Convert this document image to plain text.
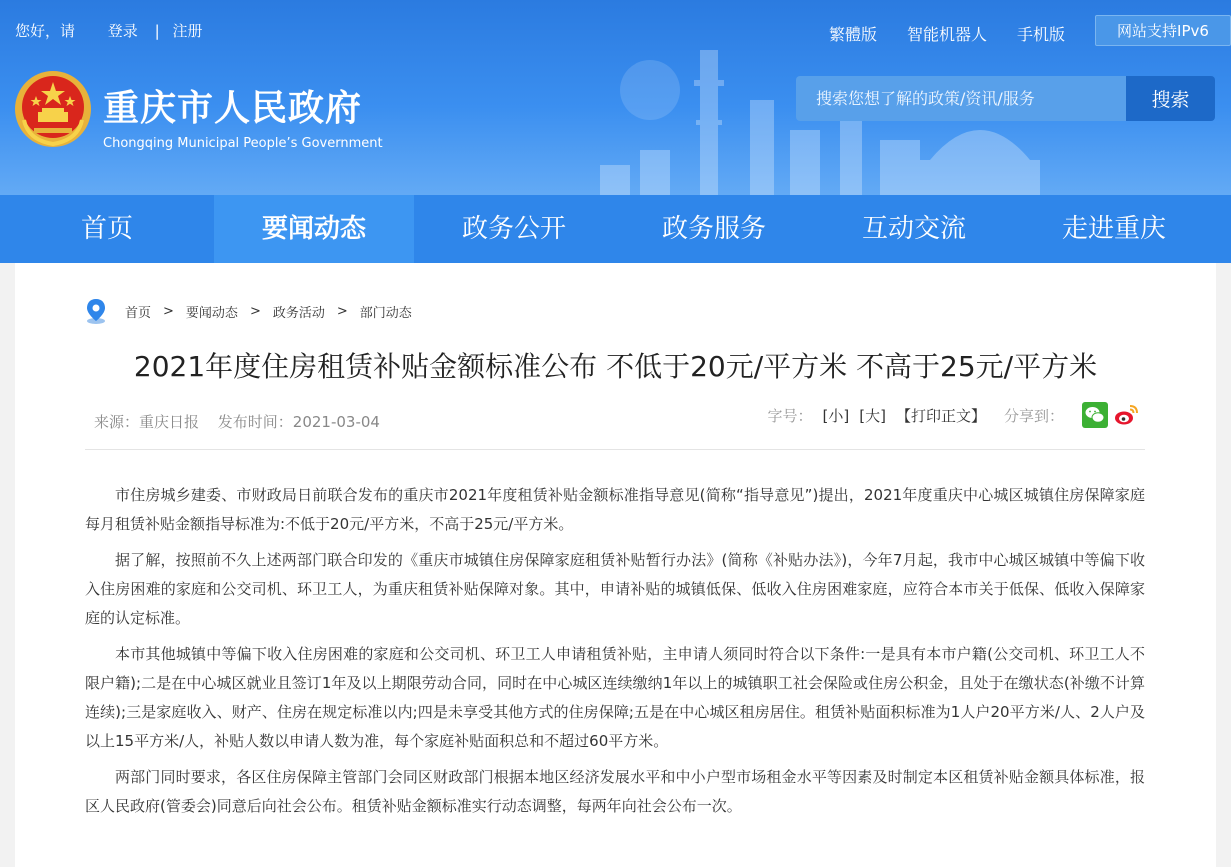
您好，请 登录 | 注册	繁體版 智能机器人 手机版	网站支持IPv6
重庆市人民政府
Chongqing Municipal People’s Government
搜索您想了解的政策/资讯/服务
搜索
首页	要闻动态	政务公开	政务服务	互动交流	走进重庆
首页 > 要闻动态 > 政务活动 > 部门动态
2021年度住房租赁补贴金额标准公布 不低于20元/平方米 不高于25元/平方米
来源：重庆日报 发布时间：2021-03-04	字号： [小] [大] 【打印正文】 分享到：

市住房城乡建委、市财政局日前联合发布的重庆市2021年度租赁补贴金额标准指导意见(简称“指导意见”)提出，2021年度重庆中心城区城镇住房保障家庭每月租赁补贴金额指导标准为:不低于20元/平方米，不高于25元/平方米。

据了解，按照前不久上述两部门联合印发的《重庆市城镇住房保障家庭租赁补贴暂行办法》(简称《补贴办法》)，今年7月起，我市中心城区城镇中等偏下收入住房困难的家庭和公交司机、环卫工人，为重庆租赁补贴保障对象。其中，申请补贴的城镇低保、低收入住房困难家庭，应符合本市关于低保、低收入保障家庭的认定标准。

本市其他城镇中等偏下收入住房困难的家庭和公交司机、环卫工人申请租赁补贴，主申请人须同时符合以下条件:一是具有本市户籍(公交司机、环卫工人不限户籍);二是在中心城区就业且签订1年及以上期限劳动合同，同时在中心城区连续缴纳1年以上的城镇职工社会保险或住房公积金，且处于在缴状态(补缴不计算连续);三是家庭收入、财产、住房在规定标准以内;四是未享受其他方式的住房保障;五是在中心城区租房居住。租赁补贴面积标准为1人户20平方米/人、2人户及以上15平方米/人，补贴人数以申请人数为准，每个家庭补贴面积总和不超过60平方米。

两部门同时要求，各区住房保障主管部门会同区财政部门根据本地区经济发展水平和中小户型市场租金水平等因素及时制定本区租赁补贴金额具体标准，报区人民政府(管委会)同意后向社会公布。租赁补贴金额标准实行动态调整，每两年向社会公布一次。
